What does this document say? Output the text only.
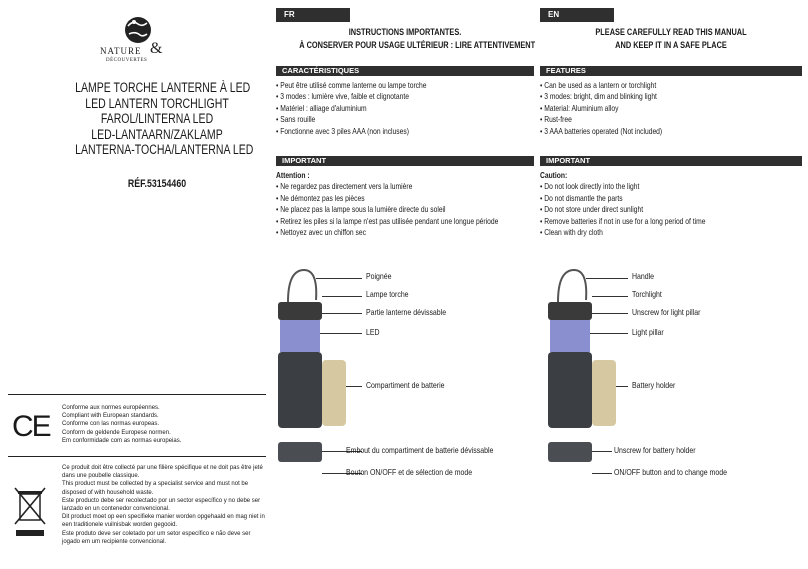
NATURE &
DÉCOUVERTES
LAMPE TORCHE LANTERNE À LED
LED LANTERN TORCHLIGHT
FAROL/LINTERNA LED
LED-LANTAARN/ZAKLAMP
LANTERNA-TOCHA/LANTERNA LED
RÉF.53154460
CE
Conforme aux normes européennes.
Compliant with European standards.
Conforme con las normas europeas.
Conform de geldende Europese normen.
Em conformidade com as normas europeias.
Ce produit doit être collecté par une filière spécifique et ne doit pas être jeté dans une poubelle classique.
This product must be collected by a specialist service and must not be disposed of with household waste.
Este producto debe ser recolectado por un sector específico y no debe ser lanzado en un contenedor convencional.
Dit product moet op een specifieke manier worden opgehaald en mag niet in een traditionele vuilnisbak worden gegooid.
Este produto deve ser coletado por um setor específico e não deve ser jogado em um recipiente convencional.
FR
INSTRUCTIONS IMPORTANTES.
À CONSERVER POUR USAGE ULTÉRIEUR : LIRE ATTENTIVEMENT
CARACTÉRISTIQUES
• Peut être utilisé comme lanterne ou lampe torche
• 3 modes : lumière vive, faible et clignotante
• Matériel : alliage d'aluminium
• Sans rouille
• Fonctionne avec 3 piles AAA (non incluses)
IMPORTANT
Attention :
• Ne regardez pas directement vers la lumière
• Ne démontez pas les pièces
• Ne placez pas la lampe sous la lumière directe du soleil
• Retirez les piles si la lampe n'est pas utilisée pendant une longue période
• Nettoyez avec un chiffon sec
Poignée
Lampe torche
Partie lanterne dévissable
LED
Compartiment de batterie
Embout du compartiment de batterie dévissable
Bouton ON/OFF et de sélection de mode
EN
PLEASE CAREFULLY READ THIS MANUAL
AND KEEP IT IN A SAFE PLACE
FEATURES
• Can be used as a lantern or torchlight
• 3 modes: bright, dim and blinking light
• Material: Aluminium alloy
• Rust-free
• 3 AAA batteries operated (Not included)
IMPORTANT
Caution:
• Do not look directly into the light
• Do not dismantle the parts
• Do not store under direct sunlight
• Remove batteries if not in use for a long period of time
• Clean with dry cloth
Handle
Torchlight
Unscrew for light pillar
Light pillar
Battery holder
Unscrew for battery holder
ON/OFF button and to change mode
